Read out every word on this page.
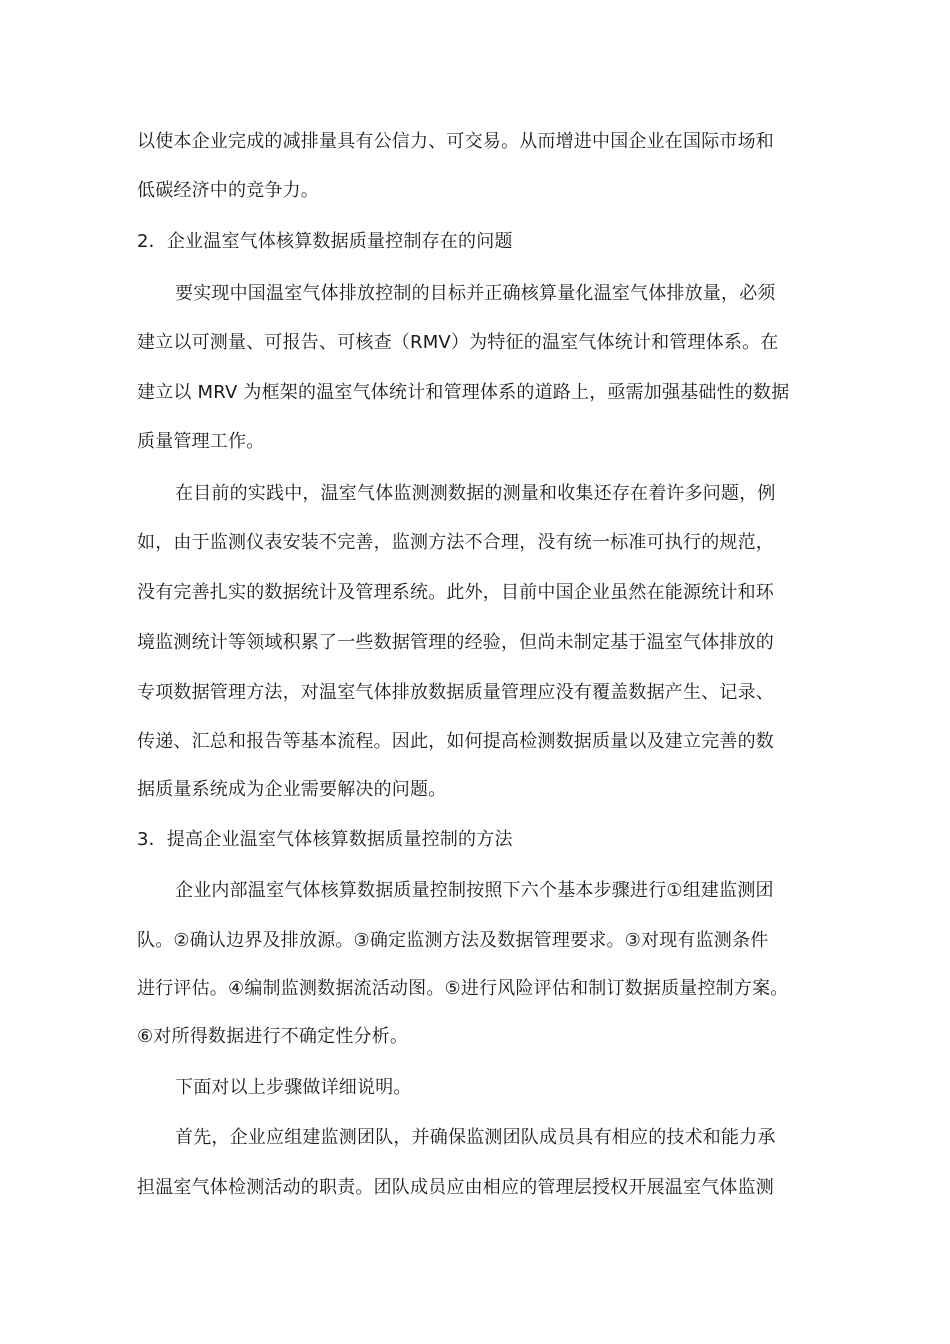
以使本企业完成的减排量具有公信力、可交易。从而增进中国企业在国际市场和
低碳经济中的竞争力。
2．企业温室气体核算数据质量控制存在的问题
要实现中国温室气体排放控制的目标并正确核算量化温室气体排放量，必须
建立以可测量、可报告、可核查（RMV）为特征的温室气体统计和管理体系。在
建立以 MRV 为框架的温室气体统计和管理体系的道路上，亟需加强基础性的数据
质量管理工作。
在目前的实践中，温室气体监测测数据的测量和收集还存在着许多问题，例
如，由于监测仪表安装不完善，监测方法不合理，没有统一标准可执行的规范，
没有完善扎实的数据统计及管理系统。此外，目前中国企业虽然在能源统计和环
境监测统计等领域积累了一些数据管理的经验，但尚未制定基于温室气体排放的
专项数据管理方法，对温室气体排放数据质量管理应没有覆盖数据产生、记录、
传递、汇总和报告等基本流程。因此，如何提高检测数据质量以及建立完善的数
据质量系统成为企业需要解决的问题。
3．提高企业温室气体核算数据质量控制的方法
企业内部温室气体核算数据质量控制按照下六个基本步骤进行①组建监测团
队。②确认边界及排放源。③确定监测方法及数据管理要求。③对现有监测条件
进行评估。④编制监测数据流活动图。⑤进行风险评估和制订数据质量控制方案。
⑥对所得数据进行不确定性分析。
下面对以上步骤做详细说明。
首先，企业应组建监测团队，并确保监测团队成员具有相应的技术和能力承
担温室气体检测活动的职责。团队成员应由相应的管理层授权开展温室气体监测
